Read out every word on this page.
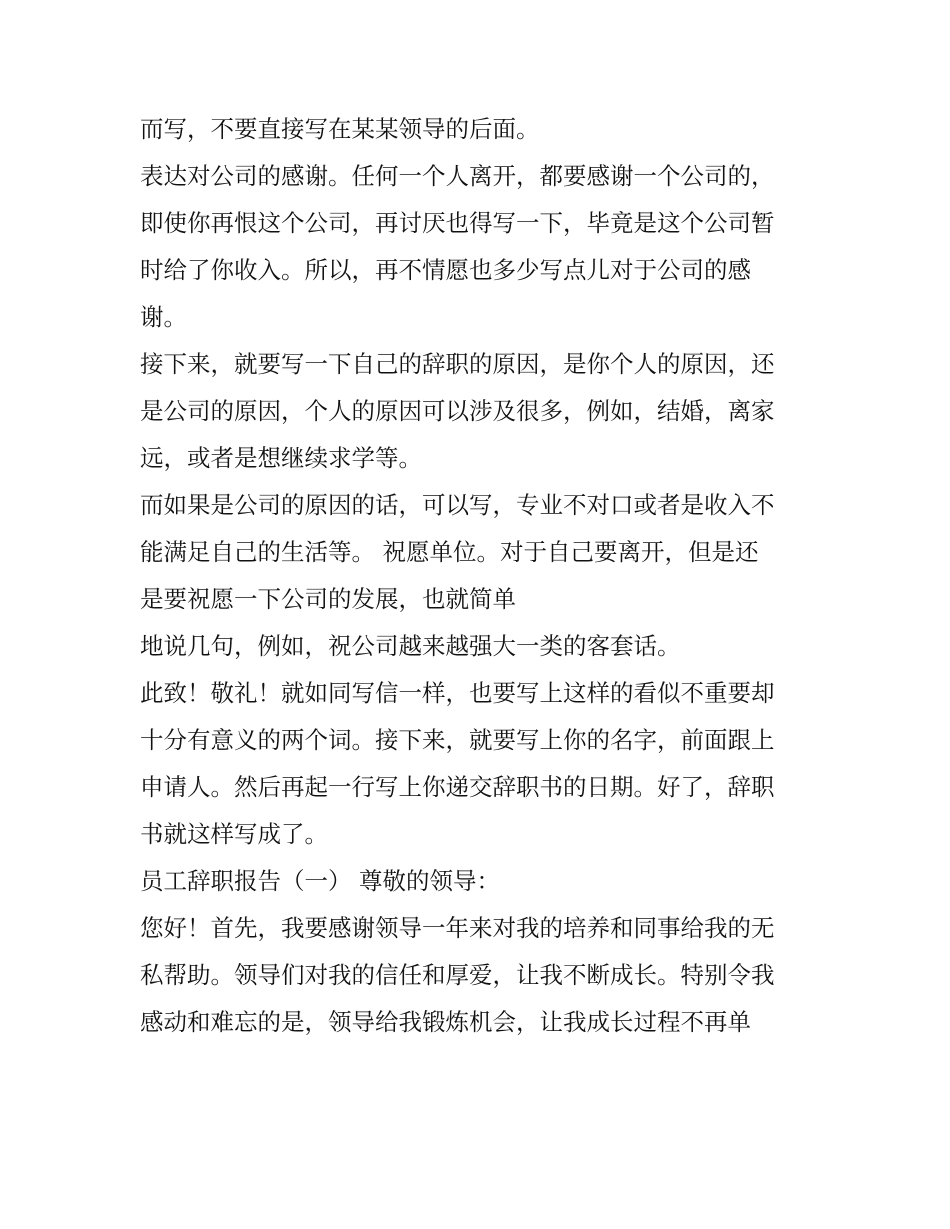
而写，不要直接写在某某领导的后面。

表达对公司的感谢。任何一个人离开，都要感谢一个公司的，

即使你再恨这个公司，再讨厌也得写一下，毕竟是这个公司暂

时给了你收入。所以，再不情愿也多少写点儿对于公司的感

谢。

接下来，就要写一下自己的辞职的原因，是你个人的原因，还

是公司的原因，个人的原因可以涉及很多，例如，结婚，离家

远，或者是想继续求学等。

而如果是公司的原因的话，可以写，专业不对口或者是收入不

能满足自己的生活等。 祝愿单位。对于自己要离开，但是还

是要祝愿一下公司的发展，也就简单

地说几句，例如，祝公司越来越强大一类的客套话。

此致！敬礼！就如同写信一样，也要写上这样的看似不重要却

十分有意义的两个词。接下来，就要写上你的名字，前面跟上

申请人。然后再起一行写上你递交辞职书的日期。好了，辞职

书就这样写成了。

员工辞职报告（一） 尊敬的领导：

您好！首先，我要感谢领导一年来对我的培养和同事给我的无

私帮助。领导们对我的信任和厚爱，让我不断成长。特别令我

感动和难忘的是，领导给我锻炼机会，让我成长过程不再单
